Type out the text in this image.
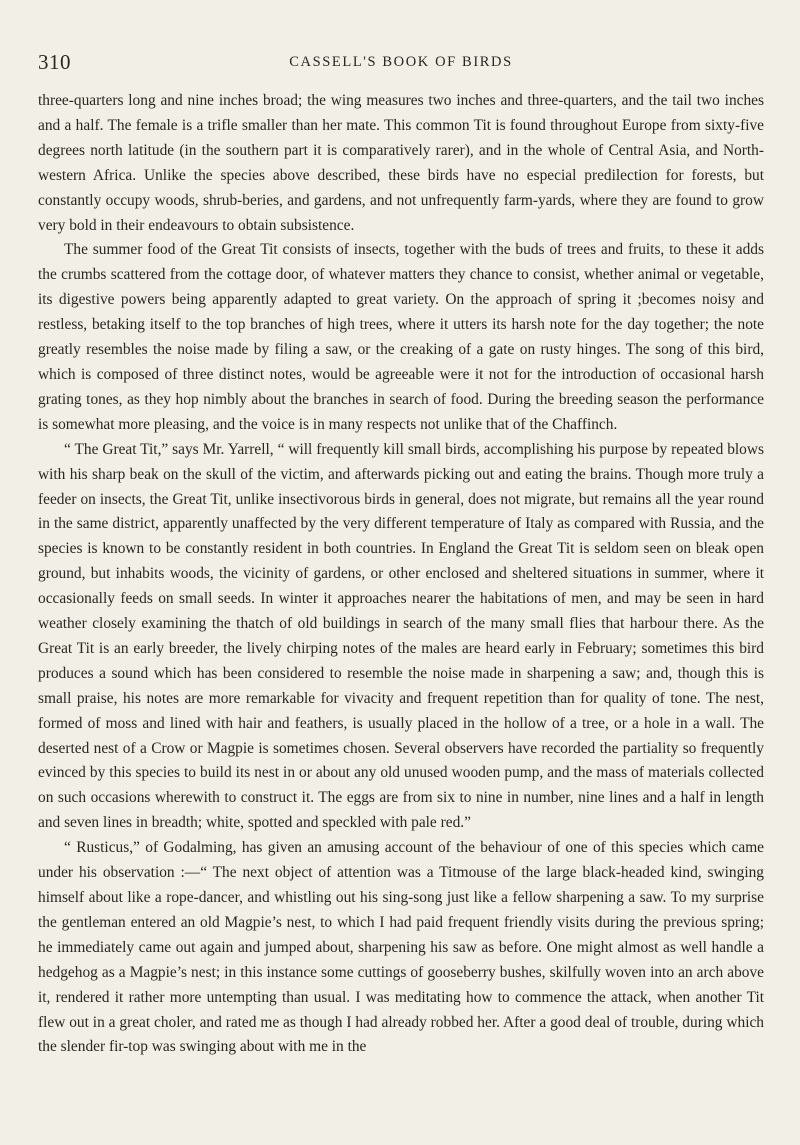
310	CASSELL'S BOOK OF BIRDS

three-quarters long and nine inches broad; the wing measures two inches and three-quarters, and the tail two inches and a half. The female is a trifle smaller than her mate. This common Tit is found throughout Europe from sixty-five degrees north latitude (in the southern part it is comparatively rarer), and in the whole of Central Asia, and North-western Africa. Unlike the species above described, these birds have no especial predilection for forests, but constantly occupy woods, shrub-beries, and gardens, and not unfrequently farm-yards, where they are found to grow very bold in their endeavours to obtain subsistence.

The summer food of the Great Tit consists of insects, together with the buds of trees and fruits, to these it adds the crumbs scattered from the cottage door, of whatever matters they chance to consist, whether animal or vegetable, its digestive powers being apparently adapted to great variety. On the approach of spring it ;becomes noisy and restless, betaking itself to the top branches of high trees, where it utters its harsh note for the day together; the note greatly resembles the noise made by filing a saw, or the creaking of a gate on rusty hinges. The song of this bird, which is composed of three distinct notes, would be agreeable were it not for the introduction of occasional harsh grating tones, as they hop nimbly about the branches in search of food. During the breeding season the performance is somewhat more pleasing, and the voice is in many respects not unlike that of the Chaffinch.

“ The Great Tit,” says Mr. Yarrell, “ will frequently kill small birds, accomplishing his purpose by repeated blows with his sharp beak on the skull of the victim, and afterwards picking out and eating the brains. Though more truly a feeder on insects, the Great Tit, unlike insectivorous birds in general, does not migrate, but remains all the year round in the same district, apparently unaffected by the very different temperature of Italy as compared with Russia, and the species is known to be constantly resident in both countries. In England the Great Tit is seldom seen on bleak open ground, but inhabits woods, the vicinity of gardens, or other enclosed and sheltered situations in summer, where it occasionally feeds on small seeds. In winter it approaches nearer the habitations of men, and may be seen in hard weather closely examining the thatch of old buildings in search of the many small flies that harbour there. As the Great Tit is an early breeder, the lively chirping notes of the males are heard early in February; sometimes this bird produces a sound which has been considered to resemble the noise made in sharpening a saw; and, though this is small praise, his notes are more remarkable for vivacity and frequent repetition than for quality of tone. The nest, formed of moss and lined with hair and feathers, is usually placed in the hollow of a tree, or a hole in a wall. The deserted nest of a Crow or Magpie is sometimes chosen. Several observers have recorded the partiality so frequently evinced by this species to build its nest in or about any old unused wooden pump, and the mass of materials collected on such occasions wherewith to construct it. The eggs are from six to nine in number, nine lines and a half in length and seven lines in breadth; white, spotted and speckled with pale red.”

“ Rusticus,” of Godalming, has given an amusing account of the behaviour of one of this species which came under his observation :—“ The next object of attention was a Titmouse of the large black-headed kind, swinging himself about like a rope-dancer, and whistling out his sing-song just like a fellow sharpening a saw. To my surprise the gentleman entered an old Magpie’s nest, to which I had paid frequent friendly visits during the previous spring; he immediately came out again and jumped about, sharpening his saw as before. One might almost as well handle a hedgehog as a Magpie’s nest; in this instance some cuttings of gooseberry bushes, skilfully woven into an arch above it, rendered it rather more untempting than usual. I was meditating how to commence the attack, when another Tit flew out in a great choler, and rated me as though I had already robbed her. After a good deal of trouble, during which the slender fir-top was swinging about with me in the
